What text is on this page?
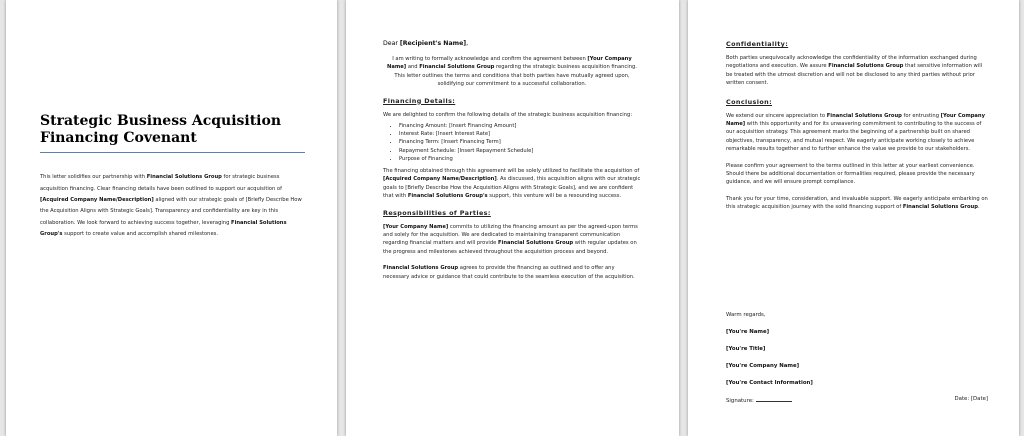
Strategic Business Acquisition Financing Covenant

This letter solidifies our partnership with Financial Solutions Group for strategic business acquisition financing. Clear financing details have been outlined to support our acquisition of [Acquired Company Name/Description] aligned with our strategic goals of [Briefly Describe How the Acquisition Aligns with Strategic Goals]. Transparency and confidentiality are key in this collaboration. We look forward to achieving success together, leveraging Financial Solutions Group's support to create value and accomplish shared milestones.

Dear [Recipient's Name],

I am writing to formally acknowledge and confirm the agreement between [Your Company Name] and Financial Solutions Group regarding the strategic business acquisition financing. This letter outlines the terms and conditions that both parties have mutually agreed upon, solidifying our commitment to a successful collaboration.

Financing Details:

We are delighted to confirm the following details of the strategic business acquisition financing:

• Financing Amount: [Insert Financing Amount]
• Interest Rate: [Insert Interest Rate]
• Financing Term: [Insert Financing Term]
• Repayment Schedule: [Insert Repayment Schedule]
• Purpose of Financing

The financing obtained through this agreement will be solely utilized to facilitate the acquisition of [Acquired Company Name/Description]. As discussed, this acquisition aligns with our strategic goals to [Briefly Describe How the Acquisition Aligns with Strategic Goals], and we are confident that with Financial Solutions Group's support, this venture will be a resounding success.

Responsibilities of Parties:

[Your Company Name] commits to utilizing the financing amount as per the agreed-upon terms and solely for the acquisition. We are dedicated to maintaining transparent communication regarding financial matters and will provide Financial Solutions Group with regular updates on the progress and milestones achieved throughout the acquisition process and beyond.

Financial Solutions Group agrees to provide the financing as outlined and to offer any necessary advice or guidance that could contribute to the seamless execution of the acquisition.

Confidentiality:

Both parties unequivocally acknowledge the confidentiality of the information exchanged during negotiations and execution. We assure Financial Solutions Group that sensitive information will be treated with the utmost discretion and will not be disclosed to any third parties without prior written consent.

Conclusion:

We extend our sincere appreciation to Financial Solutions Group for entrusting [Your Company Name] with this opportunity and for its unwavering commitment to contributing to the success of our acquisition strategy. This agreement marks the beginning of a partnership built on shared objectives, transparency, and mutual respect. We eagerly anticipate working closely to achieve remarkable results together and to further enhance the value we provide to our stakeholders.

Please confirm your agreement to the terms outlined in this letter at your earliest convenience. Should there be additional documentation or formalities required, please provide the necessary guidance, and we will ensure prompt compliance.

Thank you for your time, consideration, and invaluable support. We eagerly anticipate embarking on this strategic acquisition journey with the solid financing support of Financial Solutions Group.

Warm regards,

[You're Name]

[You're Title]

[You're Company Name]

[You're Contact Information]

Signature:	Date: [Date]
